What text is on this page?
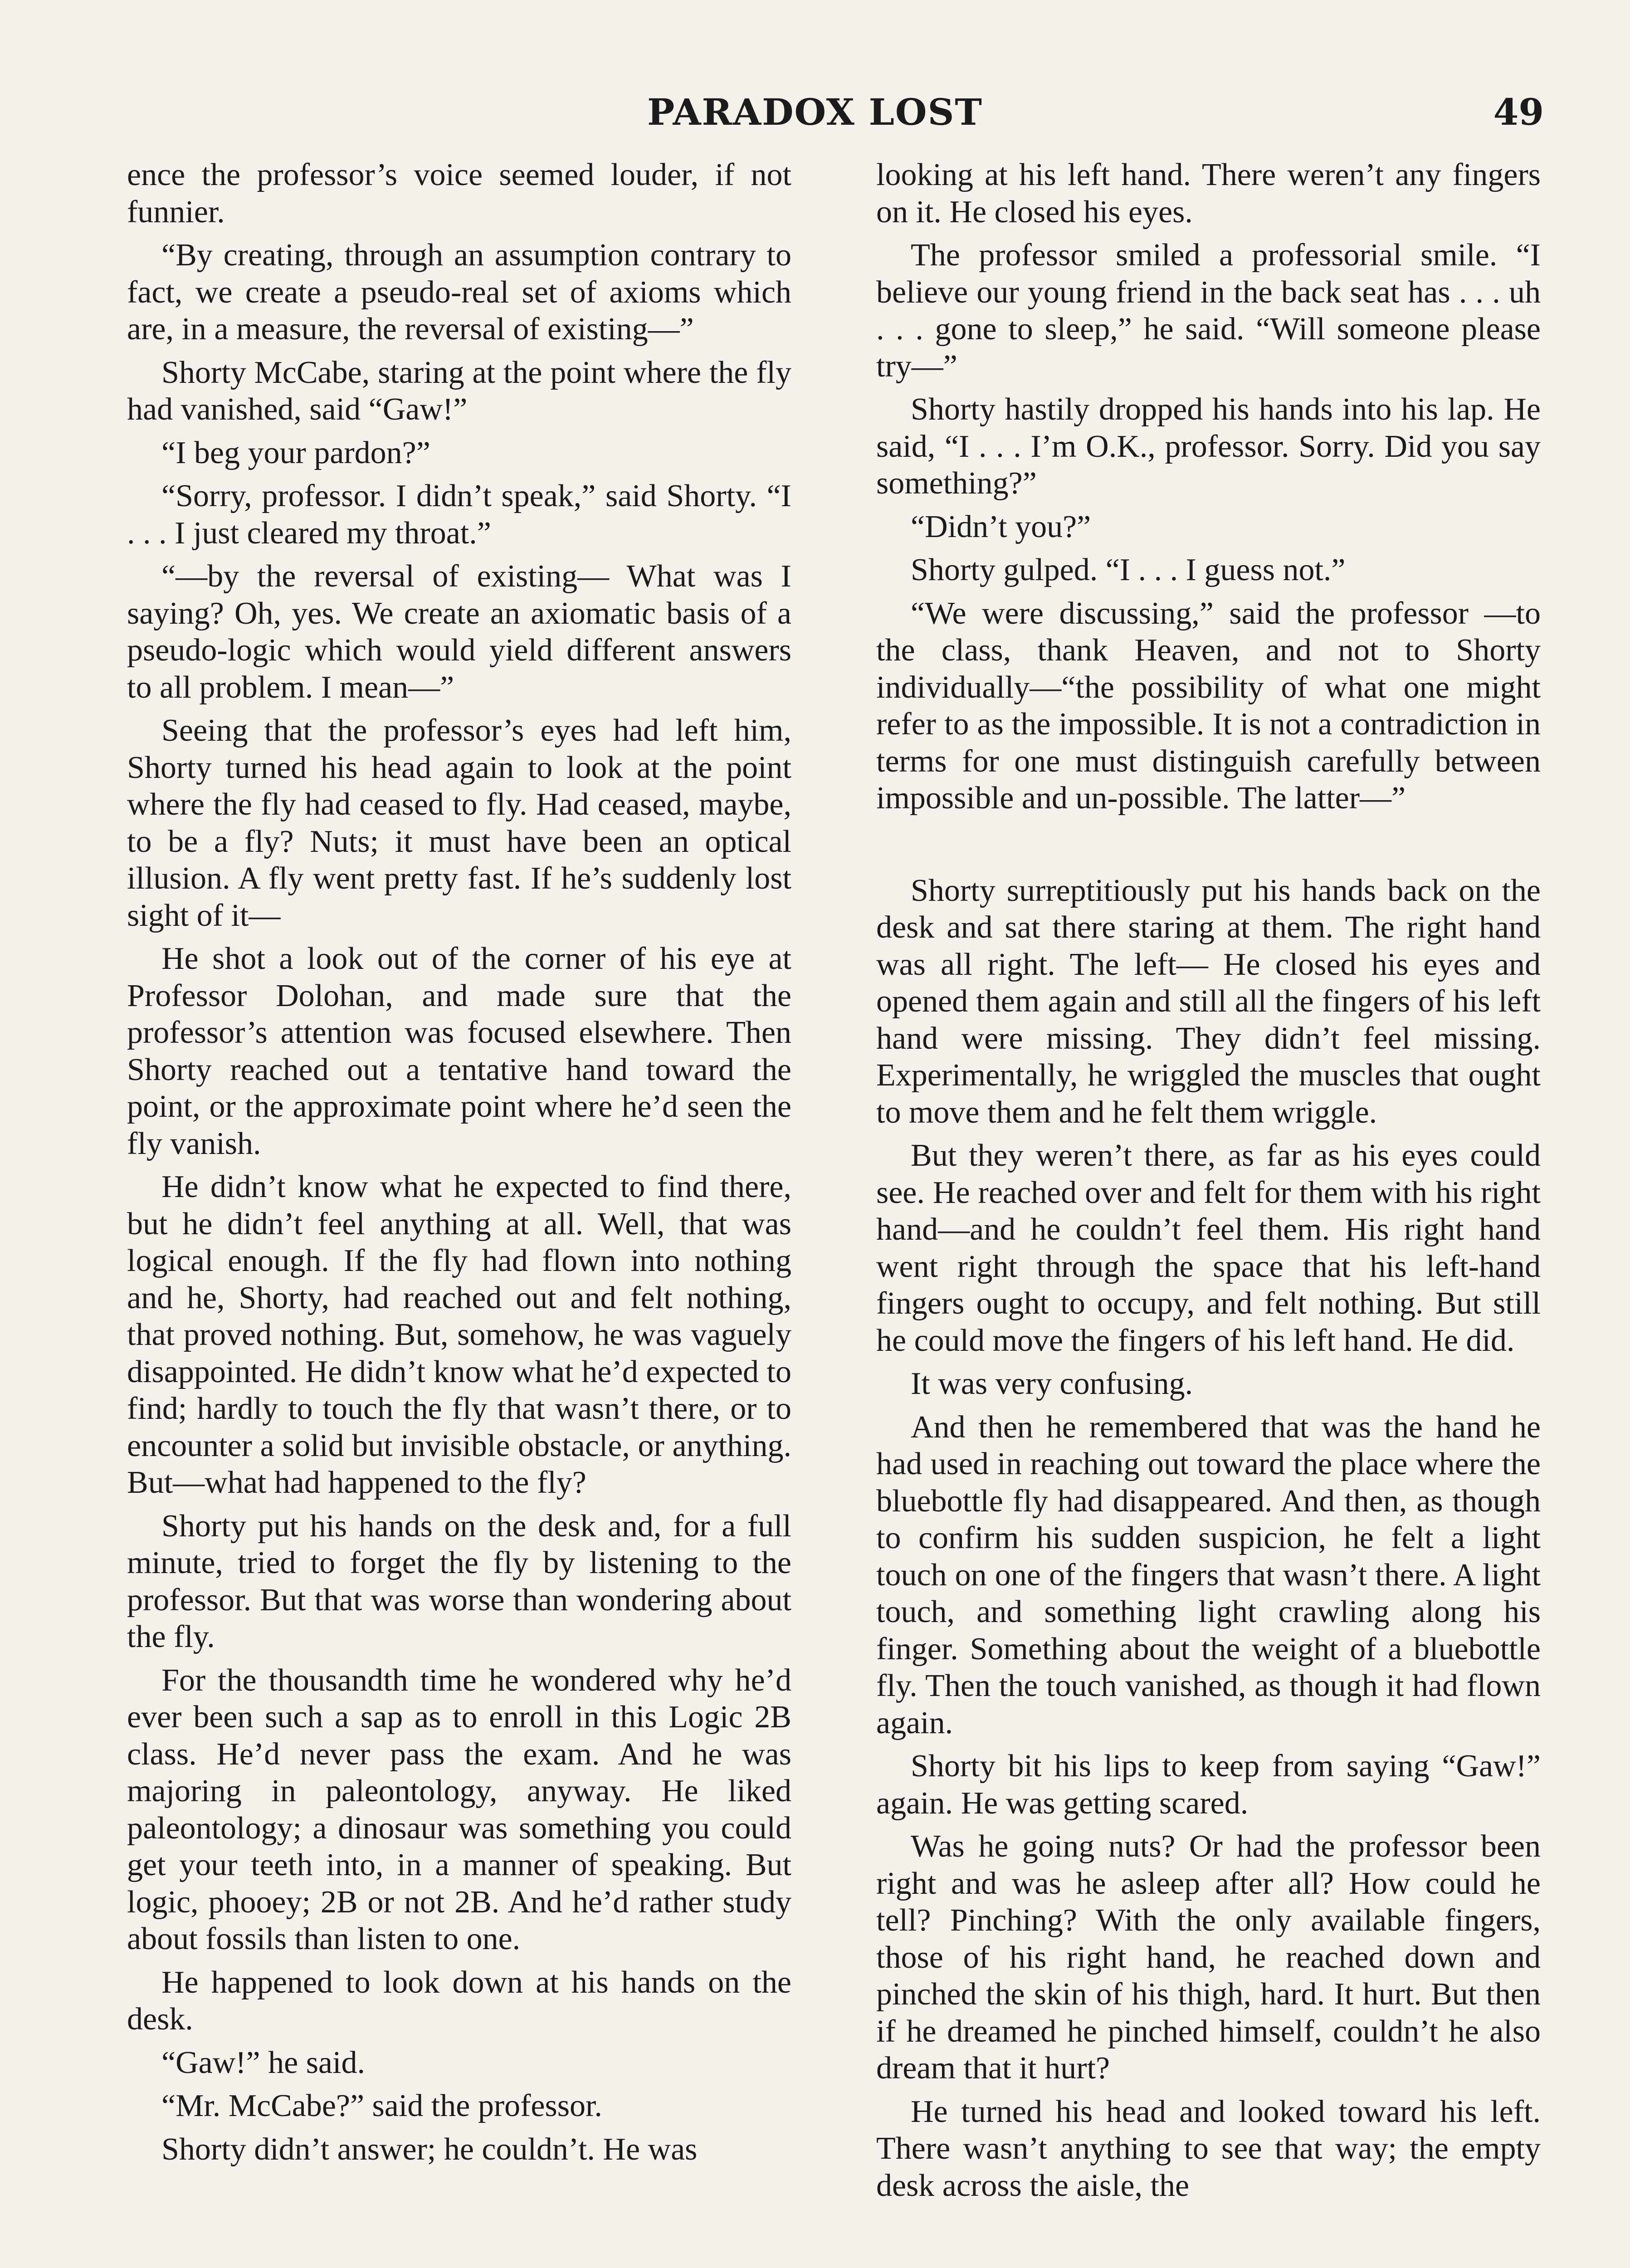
PARADOX LOST	49

ence the professor’s voice seemed louder, if not funnier.

“By creating, through an assumption contrary to fact, we create a pseudo-real set of axioms which are, in a measure, the reversal of existing—”

Shorty McCabe, staring at the point where the fly had vanished, said “Gaw!”

“I beg your pardon?”

“Sorry, professor. I didn’t speak,” said Shorty. “I . . . I just cleared my throat.”

“—by the reversal of existing— What was I saying? Oh, yes. We create an axiomatic basis of a pseudo-logic which would yield different answers to all problem. I mean—”

Seeing that the professor’s eyes had left him, Shorty turned his head again to look at the point where the fly had ceased to fly. Had ceased, maybe, to be a fly? Nuts; it must have been an optical illusion. A fly went pretty fast. If he’s suddenly lost sight of it—

He shot a look out of the corner of his eye at Professor Dolohan, and made sure that the professor’s attention was focused elsewhere. Then Shorty reached out a tentative hand toward the point, or the approximate point where he’d seen the fly vanish.

He didn’t know what he expected to find there, but he didn’t feel anything at all. Well, that was logical enough. If the fly had flown into nothing and he, Shorty, had reached out and felt nothing, that proved nothing. But, somehow, he was vaguely disappointed. He didn’t know what he’d expected to find; hardly to touch the fly that wasn’t there, or to encounter a solid but invisible obstacle, or anything. But—what had happened to the fly?

Shorty put his hands on the desk and, for a full minute, tried to forget the fly by listening to the professor. But that was worse than wondering about the fly.

For the thousandth time he wondered why he’d ever been such a sap as to enroll in this Logic 2B class. He’d never pass the exam. And he was majoring in paleontology, anyway. He liked paleontology; a dinosaur was something you could get your teeth into, in a manner of speaking. But logic, phooey; 2B or not 2B. And he’d rather study about fossils than listen to one.

He happened to look down at his hands on the desk.

“Gaw!” he said.

“Mr. McCabe?” said the professor.

Shorty didn’t answer; he couldn’t. He was

looking at his left hand. There weren’t any fingers on it. He closed his eyes.

The professor smiled a professorial smile. “I believe our young friend in the back seat has . . . uh . . . gone to sleep,” he said. “Will someone please try—”

Shorty hastily dropped his hands into his lap. He said, “I . . . I’m O.K., professor. Sorry. Did you say something?”

“Didn’t you?”

Shorty gulped. “I . . . I guess not.”

“We were discussing,” said the professor —to the class, thank Heaven, and not to Shorty individually—“the possibility of what one might refer to as the impossible. It is not a contradiction in terms for one must distinguish carefully between impossible and un-possible. The latter—”

Shorty surreptitiously put his hands back on the desk and sat there staring at them. The right hand was all right. The left— He closed his eyes and opened them again and still all the fingers of his left hand were missing. They didn’t feel missing. Experimentally, he wriggled the muscles that ought to move them and he felt them wriggle.

But they weren’t there, as far as his eyes could see. He reached over and felt for them with his right hand—and he couldn’t feel them. His right hand went right through the space that his left-hand fingers ought to occupy, and felt nothing. But still he could move the fingers of his left hand. He did.

It was very confusing.

And then he remembered that was the hand he had used in reaching out toward the place where the bluebottle fly had disappeared. And then, as though to confirm his sudden suspicion, he felt a light touch on one of the fingers that wasn’t there. A light touch, and something light crawling along his finger. Something about the weight of a bluebottle fly. Then the touch vanished, as though it had flown again.

Shorty bit his lips to keep from saying “Gaw!” again. He was getting scared.

Was he going nuts? Or had the professor been right and was he asleep after all? How could he tell? Pinching? With the only available fingers, those of his right hand, he reached down and pinched the skin of his thigh, hard. It hurt. But then if he dreamed he pinched himself, couldn’t he also dream that it hurt?

He turned his head and looked toward his left. There wasn’t anything to see that way; the empty desk across the aisle, the
